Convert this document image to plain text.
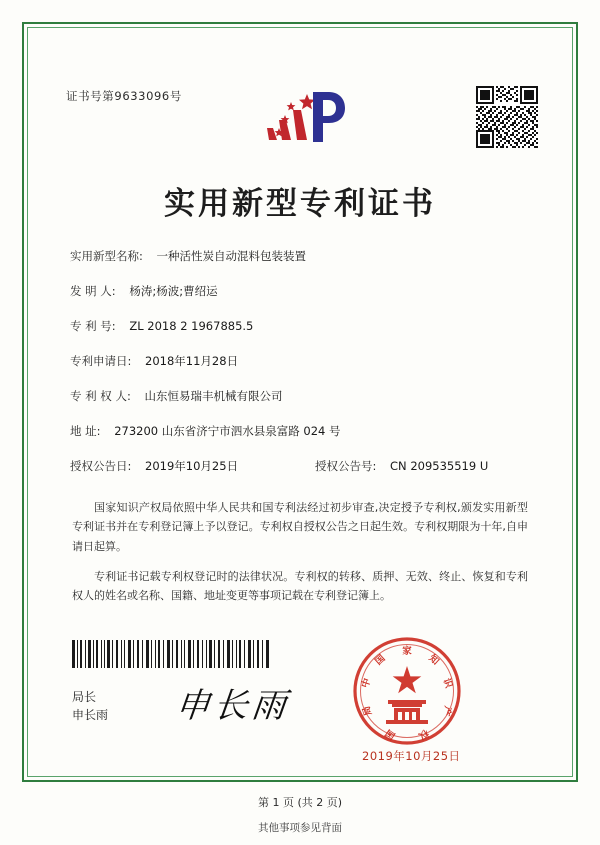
证书号第9633096号
实用新型专利证书
实用新型名称: 一种活性炭自动混料包装装置
发 明 人: 杨涛;杨波;曹绍运
专 利 号: ZL 2018 2 1967885.5
专利申请日: 2018年11月28日
专 利 权 人: 山东恒易瑞丰机械有限公司
地 址: 273200 山东省济宁市泗水县泉富路 024 号
授权公告日: 2019年10月25日	授权公告号: CN 209535519 U

国家知识产权局依照中华人民共和国专利法经过初步审查,决定授予专利权,颁发实用新型专利证书并在专利登记簿上予以登记。专利权自授权公告之日起生效。专利权期限为十年,自申请日起算。

专利证书记载专利权登记时的法律状况。专利权的转移、质押、无效、终止、恢复和专利权人的姓名或名称、国籍、地址变更等事项记载在专利登记簿上。

局长
申长雨 申长雨
家
国	知
中	识
局	产
国 权
2019年10月25日
第 1 页 (共 2 页)
其他事项参见背面
